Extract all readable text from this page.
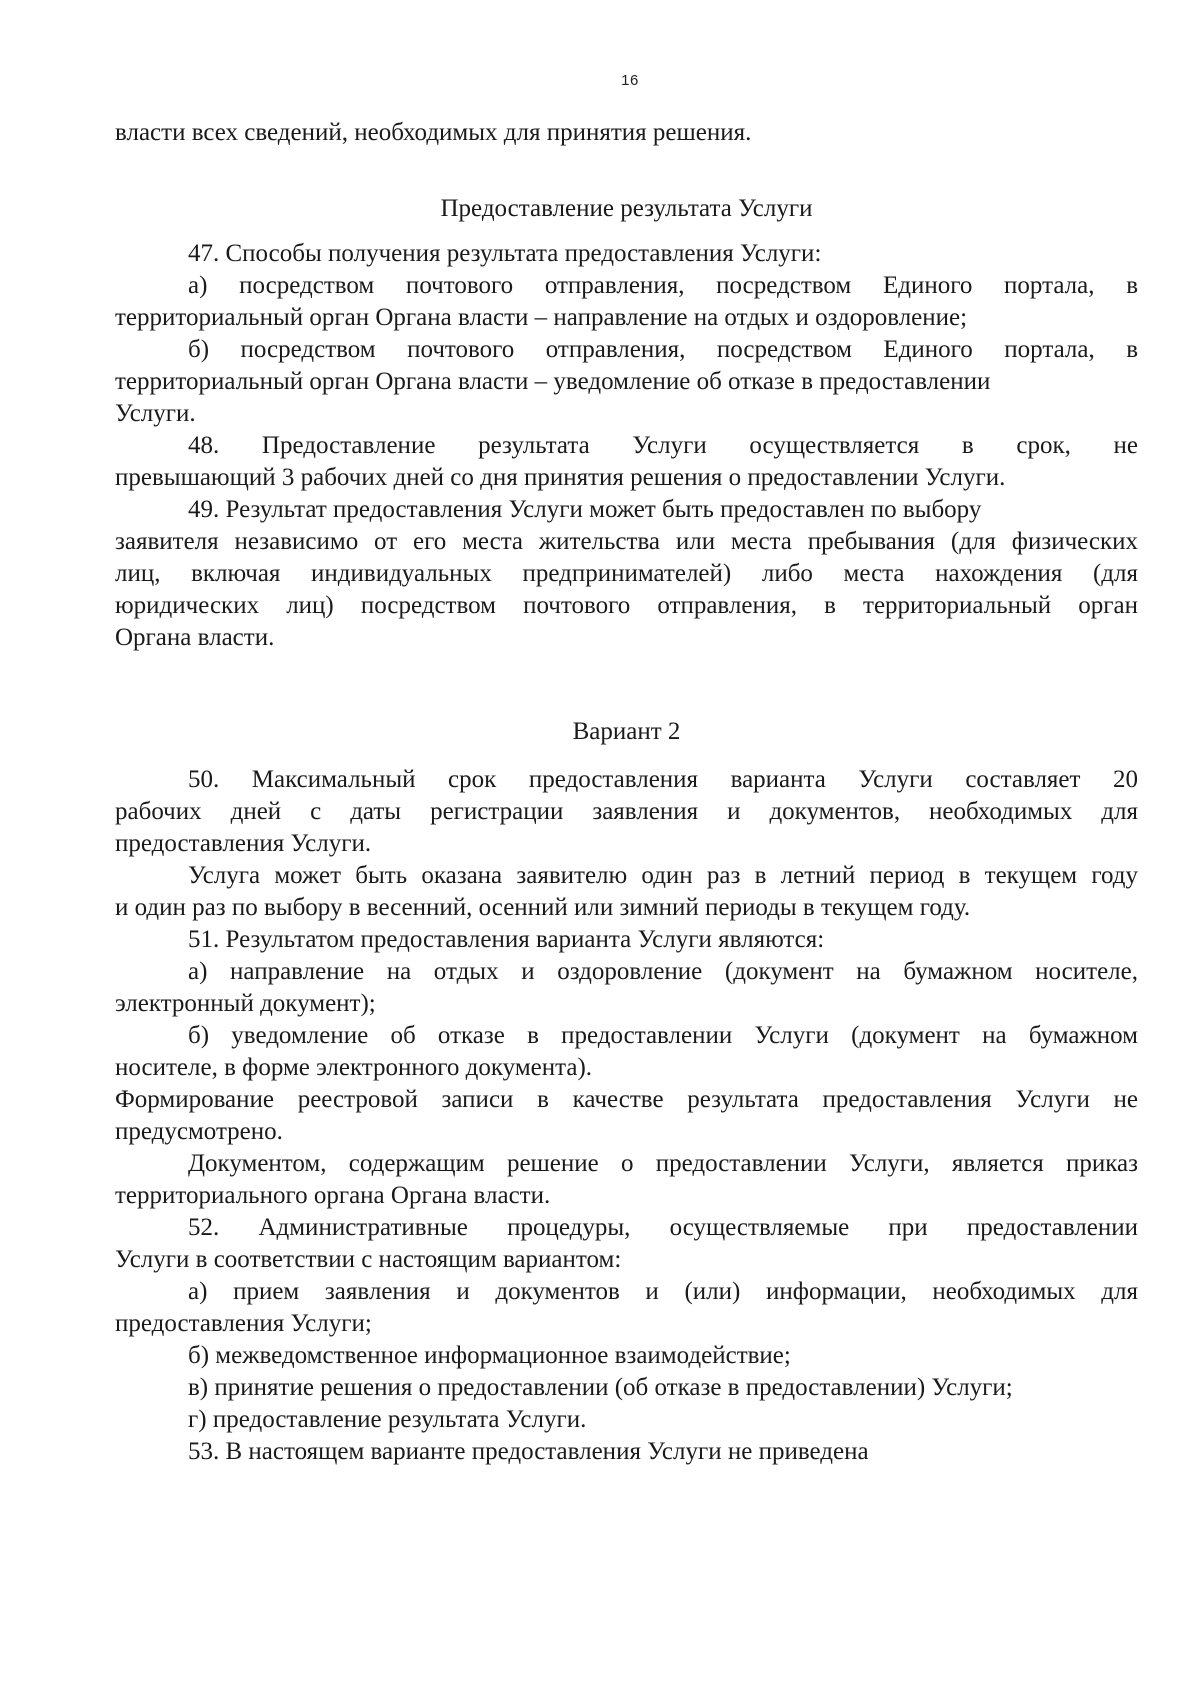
16
власти всех сведений, необходимых для принятия решения.
Предоставление результата Услуги
47. Способы получения результата предоставления Услуги:
а) посредством почтового отправления, посредством Единого портала, в
территориальный орган Органа власти – направление на отдых и оздоровление;
б) посредством почтового отправления, посредством Единого портала, в
территориальный орган Органа власти – уведомление об отказе в предоставлении
Услуги.
48. Предоставление результата Услуги осуществляется в срок, не
превышающий 3 рабочих дней со дня принятия решения о предоставлении Услуги.
49. Результат предоставления Услуги может быть предоставлен по выбору
заявителя независимо от его места жительства или места пребывания (для физических
лиц, включая индивидуальных предпринимателей) либо места нахождения (для
юридических лиц) посредством почтового отправления, в территориальный орган
Органа власти.
Вариант 2
50. Максимальный срок предоставления варианта Услуги составляет 20
рабочих дней с даты регистрации заявления и документов, необходимых для
предоставления Услуги.
Услуга может быть оказана заявителю один раз в летний период в текущем году
и один раз по выбору в весенний, осенний или зимний периоды в текущем году.
51. Результатом предоставления варианта Услуги являются:
а) направление на отдых и оздоровление (документ на бумажном носителе,
электронный документ);
б) уведомление об отказе в предоставлении Услуги (документ на бумажном
носителе, в форме электронного документа).
Формирование реестровой записи в качестве результата предоставления Услуги не
предусмотрено.
Документом, содержащим решение о предоставлении Услуги, является приказ
территориального органа Органа власти.
52. Административные процедуры, осуществляемые при предоставлении
Услуги в соответствии с настоящим вариантом:
а) прием заявления и документов и (или) информации, необходимых для
предоставления Услуги;
б) межведомственное информационное взаимодействие;
в) принятие решения о предоставлении (об отказе в предоставлении) Услуги;
г) предоставление результата Услуги.
53. В настоящем варианте предоставления Услуги не приведена
